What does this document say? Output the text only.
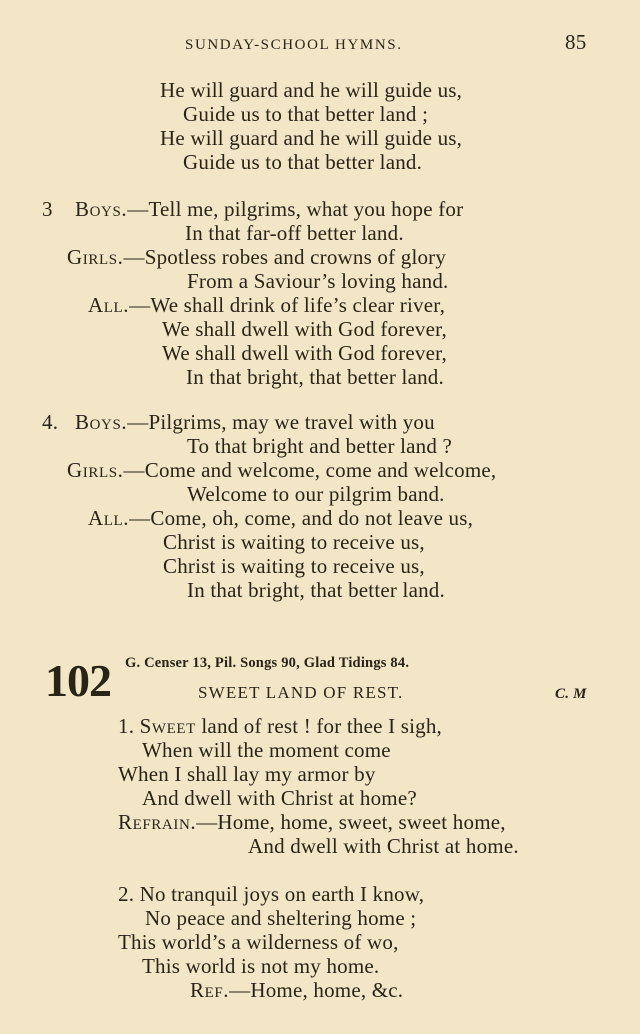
SUNDAY-SCHOOL HYMNS.	85
He will guard and he will guide us,
Guide us to that better land ;
He will guard and he will guide us,
Guide us to that better land.
3 Boys.—Tell me, pilgrims, what you hope for
In that far-off better land.
Girls.—Spotless robes and crowns of glory
From a Saviour’s loving hand.
All.—We shall drink of life’s clear river,
We shall dwell with God forever,
We shall dwell with God forever,
In that bright, that better land.
4. Boys.—Pilgrims, may we travel with you
To that bright and better land ?
Girls.—Come and welcome, come and welcome,
Welcome to our pilgrim band.
All.—Come, oh, come, and do not leave us,
Christ is waiting to receive us,
Christ is waiting to receive us,
In that bright, that better land.
102 G. Censer 13, Pil. Songs 90, Glad Tidings 84.
SWEET LAND OF REST.	C. M
1. Sweet land of rest ! for thee I sigh,
When will the moment come
When I shall lay my armor by
And dwell with Christ at home?
Refrain.—Home, home, sweet, sweet home,
And dwell with Christ at home.
2. No tranquil joys on earth I know,
No peace and sheltering home ;
This world’s a wilderness of wo,
This world is not my home.
Ref.—Home, home, &c.
